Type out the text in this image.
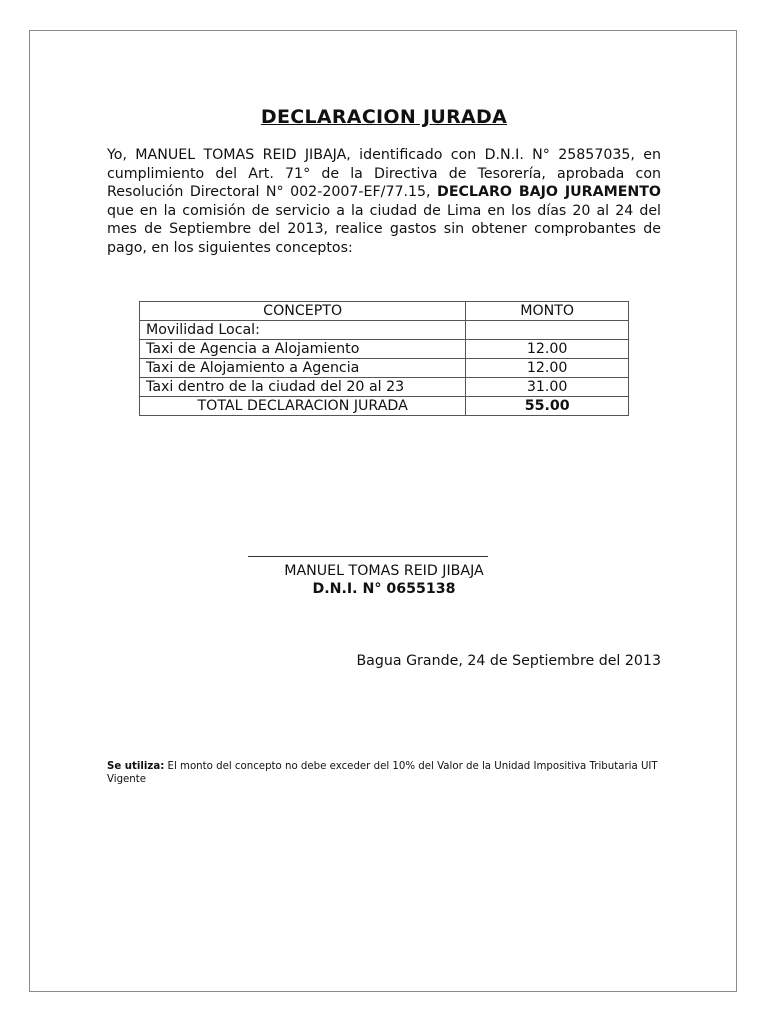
DECLARACION JURADA
Yo, MANUEL TOMAS REID JIBAJA, identificado con D.N.I. N° 25857035, en cumplimiento del Art. 71° de la Directiva de Tesorería, aprobada con Resolución Directoral N° 002-2007-EF/77.15, DECLARO BAJO JURAMENTO que en la comisión de servicio a la ciudad de Lima en los días 20 al 24 del mes de Septiembre del 2013, realice gastos sin obtener comprobantes de pago, en los siguientes conceptos:
CONCEPTO	MONTO
Movilidad Local:	
Taxi de Agencia a Alojamiento	12.00
Taxi de Alojamiento a Agencia	12.00
Taxi dentro de la ciudad del 20 al 23	31.00
TOTAL DECLARACION JURADA	55.00
MANUEL TOMAS REID JIBAJA
D.N.I. N° 0655138
Bagua Grande, 24 de Septiembre del 2013
Se utiliza: El monto del concepto no debe exceder del 10% del Valor de la Unidad Impositiva Tributaria UIT Vigente
